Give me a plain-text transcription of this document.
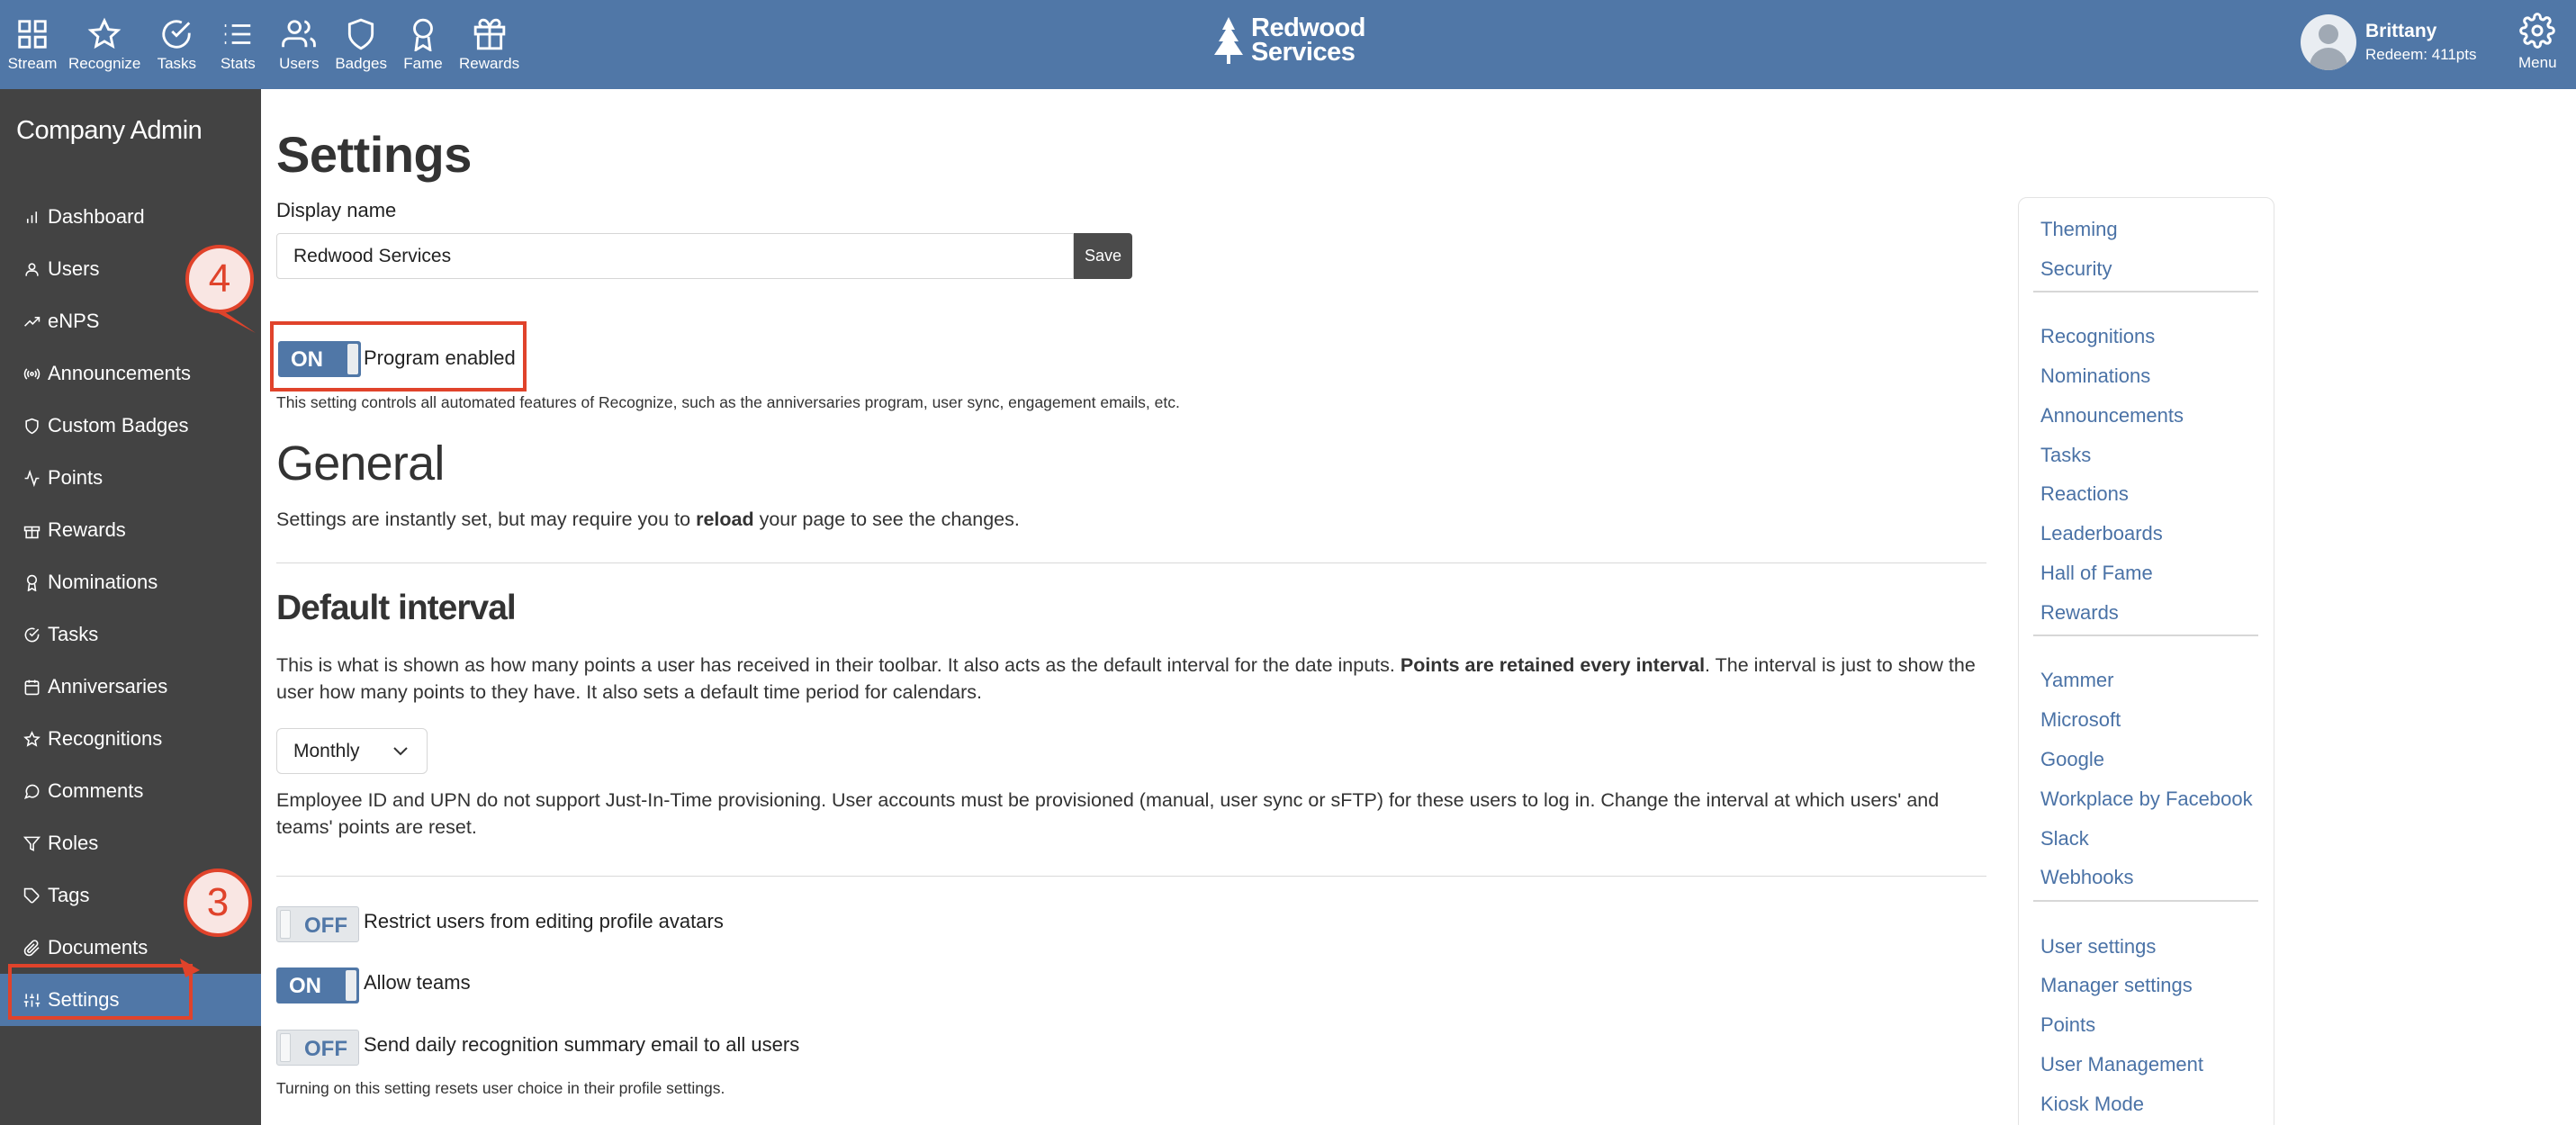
Stream Recognize Tasks Stats Users Badges Fame Rewards
Redwood
Services
Brittany
Redeem: 411pts	Menu
Company Admin
Dashboard
Users
eNPS
Announcements
Custom Badges
Points
Rewards
Nominations
Tasks
Anniversaries
Recognitions
Comments
Roles
Tags
Documents
Settings
Settings
Display name
Redwood Services
Save
ON Program enabled
This setting controls all automated features of Recognize, such as the anniversaries program, user sync, engagement emails, etc.
General
Settings are instantly set, but may require you to reload your page to see the changes.
Default interval
This is what is shown as how many points a user has received in their toolbar. It also acts as the default interval for the date inputs. Points are retained every interval. The interval is just to show the user how many points to they have. It also sets a default time period for calendars.
Monthly
Employee ID and UPN do not support Just-In-Time provisioning. User accounts must be provisioned (manual, user sync or sFTP) for these users to log in. Change the interval at which users' and teams' points are reset.
OFF Restrict users from editing profile avatars
ON Allow teams
OFF Send daily recognition summary email to all users
Turning on this setting resets user choice in their profile settings.
Theming
Security
Recognitions
Nominations
Announcements
Tasks
Reactions
Leaderboards
Hall of Fame
Rewards
Yammer
Microsoft
Google
Workplace by Facebook
Slack
Webhooks
User settings
Manager settings
Points
User Management
Kiosk Mode
4
3
